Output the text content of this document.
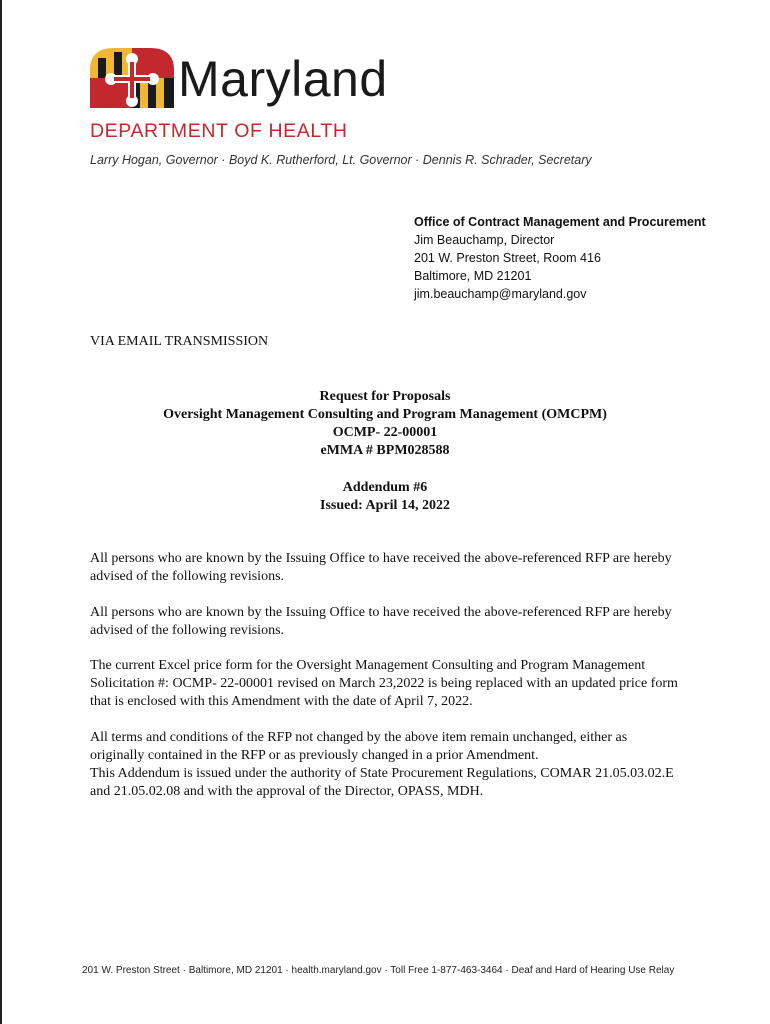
Maryland
DEPARTMENT OF HEALTH
Larry Hogan, Governor · Boyd K. Rutherford, Lt. Governor · Dennis R. Schrader, Secretary
Office of Contract Management and Procurement
Jim Beauchamp, Director
201 W. Preston Street, Room 416
Baltimore, MD 21201
jim.beauchamp@maryland.gov
VIA EMAIL TRANSMISSION
Request for Proposals
Oversight Management Consulting and Program Management (OMCPM)
OCMP- 22-00001
eMMA # BPM028588
Addendum #6
Issued: April 14, 2022

All persons who are known by the Issuing Office to have received the above-referenced RFP are hereby advised of the following revisions.

All persons who are known by the Issuing Office to have received the above-referenced RFP are hereby advised of the following revisions.

The current Excel price form for the Oversight Management Consulting and Program Management Solicitation #: OCMP- 22-00001 revised on March 23,2022 is being replaced with an updated price form that is enclosed with this Amendment with the date of April 7, 2022.

All terms and conditions of the RFP not changed by the above item remain unchanged, either as originally contained in the RFP or as previously changed in a prior Amendment.

This Addendum is issued under the authority of State Procurement Regulations, COMAR 21.05.03.02.E and 21.05.02.08 and with the approval of the Director, OPASS, MDH.

201 W. Preston Street · Baltimore, MD 21201 · health.maryland.gov · Toll Free 1-877-463-3464 · Deaf and Hard of Hearing Use Relay
